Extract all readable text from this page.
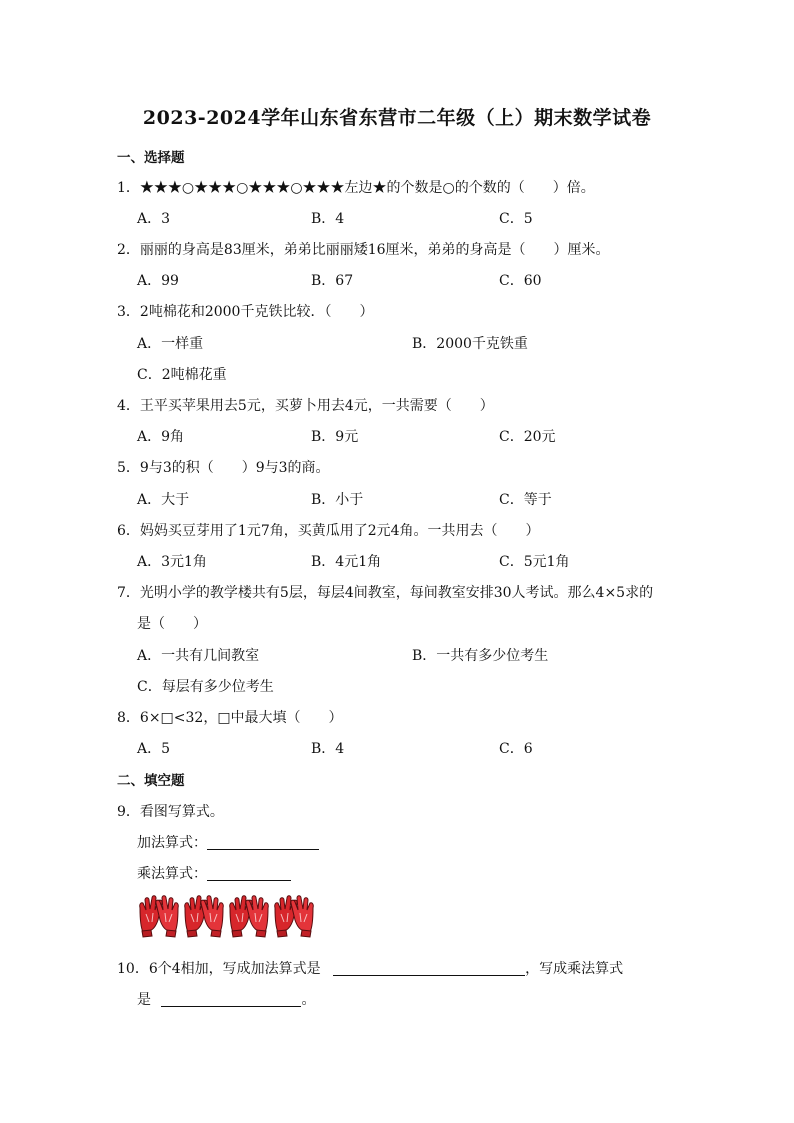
2023-2024学年山东省东营市二年级（上）期末数学试卷
一、选择题
1．★★★○★★★○★★★○★★★左边★的个数是○的个数的（　　）倍。
A．3	B．4	C．5
2．丽丽的身高是83厘米，弟弟比丽丽矮16厘米，弟弟的身高是（　　）厘米。
A．99	B．67	C．60
3．2吨棉花和2000千克铁比较．（　　）
A．一样重	B．2000千克铁重
C．2吨棉花重
4．王平买苹果用去5元，买萝卜用去4元，一共需要（　　）
A．9角	B．9元	C．20元
5．9与3的积（　　）9与3的商。
A．大于	B．小于	C．等于
6．妈妈买豆芽用了1元7角，买黄瓜用了2元4角。一共用去（　　）
A．3元1角	B．4元1角	C．5元1角
7．光明小学的教学楼共有5层，每层4间教室，每间教室安排30人考试。那么4×5求的
是（　　）
A．一共有几间教室	B．一共有多少位考生
C．每层有多少位考生
8．6×□<32，□中最大填（　　）
A．5	B．4	C．6
二、填空题
9．看图写算式。
加法算式：
乘法算式：
10．6个4相加，写成加法算式是	，写成乘法算式
是	。
